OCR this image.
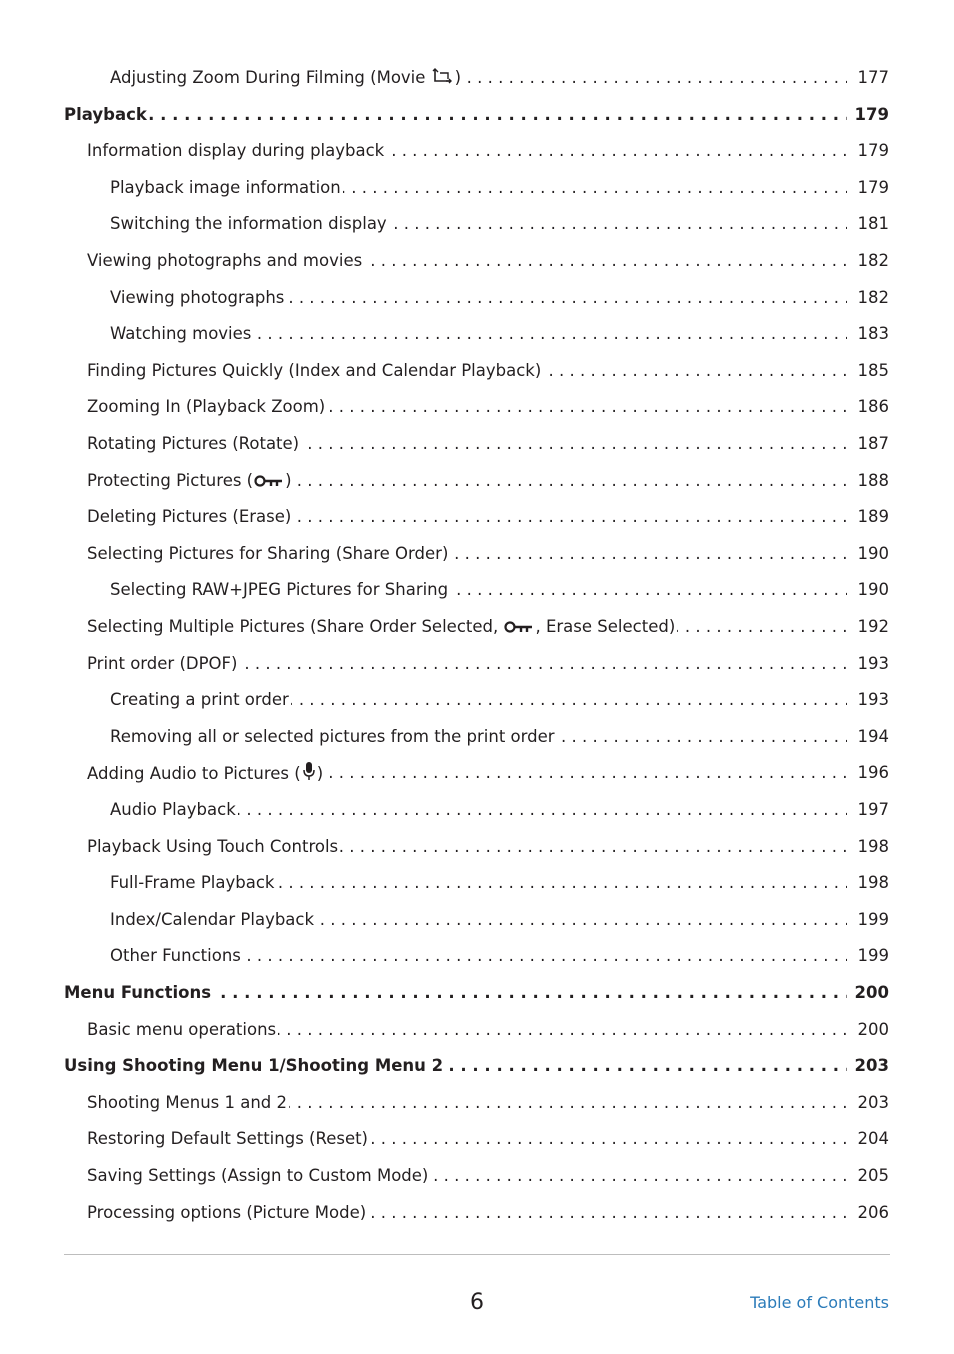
Adjusting Zoom During Filming (Movie ) . . .	177
Playback . . .	179
Information display during playback . . .	179
Playback image information . . .	179
Switching the information display . . .	181
Viewing photographs and movies . . .	182
Viewing photographs . . .	182
Watching movies . . .	183
Finding Pictures Quickly (Index and Calendar Playback) . . .	185
Zooming In (Playback Zoom) . . .	186
Rotating Pictures (Rotate) . . .	187
Protecting Pictures ( ) . . .	188
Deleting Pictures (Erase) . . .	189
Selecting Pictures for Sharing (Share Order) . . .	190
Selecting RAW+JPEG Pictures for Sharing . . .	190
Selecting Multiple Pictures (Share Order Selected, , Erase Selected) . . .	192
Print order (DPOF) . . .	193
Creating a print order . . .	193
Removing all or selected pictures from the print order . . .	194
Adding Audio to Pictures ( ) . . .	196
Audio Playback . . .	197
Playback Using Touch Controls . . .	198
Full-Frame Playback . . .	198
Index/Calendar Playback . . .	199
Other Functions . . .	199
Menu Functions . . .	200
Basic menu operations . . .	200
Using Shooting Menu 1/Shooting Menu 2 . . .	203
Shooting Menus 1 and 2 . . .	203
Restoring Default Settings (Reset) . . .	204
Saving Settings (Assign to Custom Mode) . . .	205
Processing options (Picture Mode) . . .	206
6	Table of Contents
